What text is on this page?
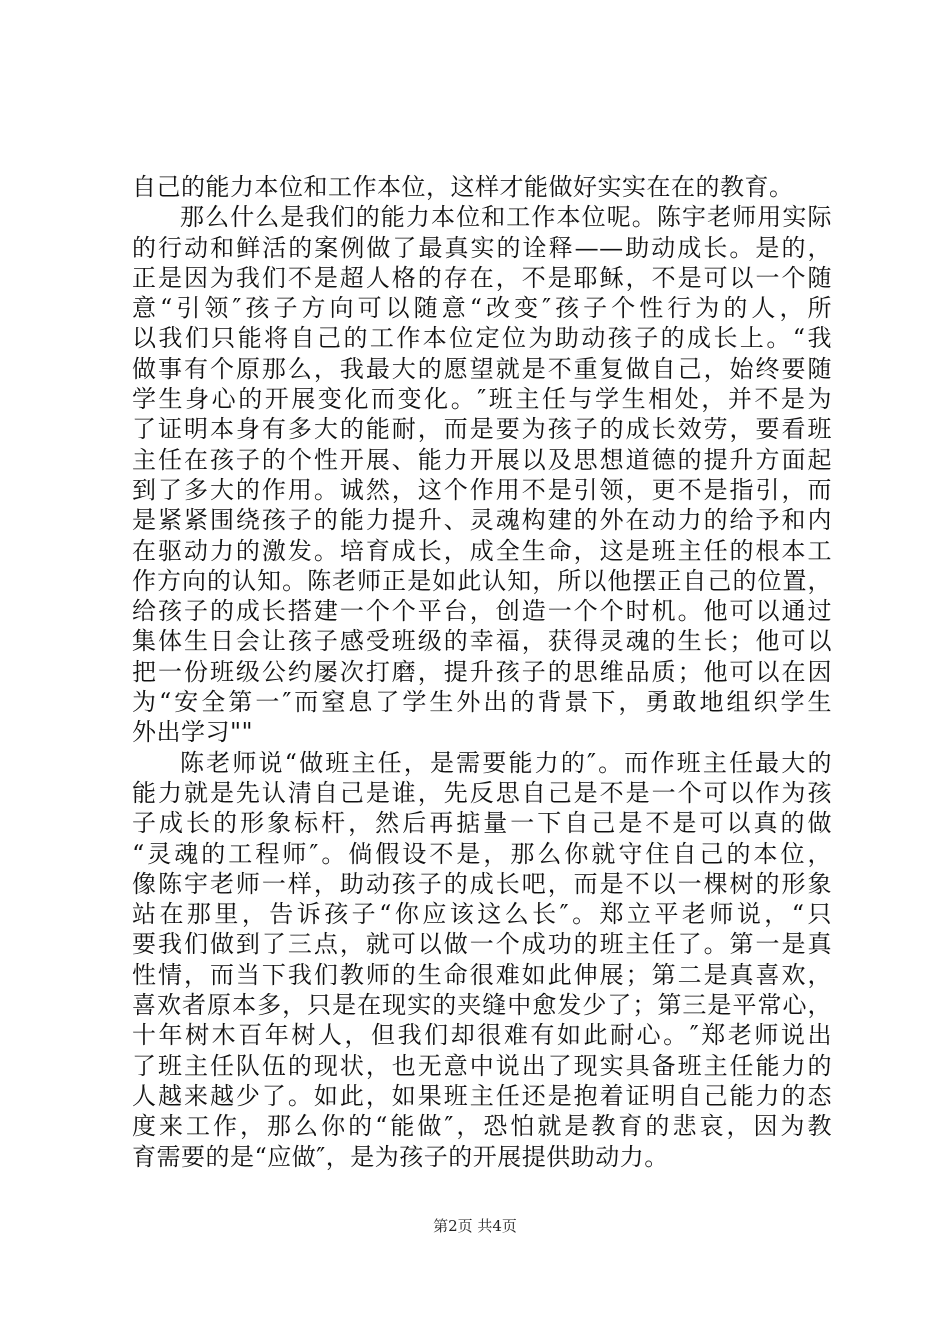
自己的能力本位和工作本位，这样才能做好实实在在的教育。
那么什么是我们的能力本位和工作本位呢。陈宇老师用实际
的行动和鲜活的案例做了最真实的诠释——助动成长。是的，
正是因为我们不是超人格的存在，不是耶稣，不是可以一个随
意“引领″孩子方向可以随意“改变″孩子个性行为的人，所
以我们只能将自己的工作本位定位为助动孩子的成长上。“我
做事有个原那么，我最大的愿望就是不重复做自己，始终要随
学生身心的开展变化而变化。″班主任与学生相处，并不是为
了证明本身有多大的能耐，而是要为孩子的成长效劳，要看班
主任在孩子的个性开展、能力开展以及思想道德的提升方面起
到了多大的作用。诚然，这个作用不是引领，更不是指引，而
是紧紧围绕孩子的能力提升、灵魂构建的外在动力的给予和内
在驱动力的激发。培育成长，成全生命，这是班主任的根本工
作方向的认知。陈老师正是如此认知，所以他摆正自己的位置，
给孩子的成长搭建一个个平台，创造一个个时机。他可以通过
集体生日会让孩子感受班级的幸福，获得灵魂的生长；他可以
把一份班级公约屡次打磨，提升孩子的思维品质；他可以在因
为“安全第一″而窒息了学生外出的背景下，勇敢地组织学生
外出学习""
陈老师说“做班主任，是需要能力的″。而作班主任最大的
能力就是先认清自己是谁，先反思自己是不是一个可以作为孩
子成长的形象标杆，然后再掂量一下自己是不是可以真的做
“灵魂的工程师″。倘假设不是，那么你就守住自己的本位，
像陈宇老师一样，助动孩子的成长吧，而是不以一棵树的形象
站在那里，告诉孩子“你应该这么长″。郑立平老师说，“只
要我们做到了三点，就可以做一个成功的班主任了。第一是真
性情，而当下我们教师的生命很难如此伸展；第二是真喜欢，
喜欢者原本多，只是在现实的夹缝中愈发少了；第三是平常心，
十年树木百年树人，但我们却很难有如此耐心。″郑老师说出
了班主任队伍的现状，也无意中说出了现实具备班主任能力的
人越来越少了。如此，如果班主任还是抱着证明自己能力的态
度来工作，那么你的“能做″，恐怕就是教育的悲哀，因为教
育需要的是“应做″，是为孩子的开展提供助动力。
第2页 共4页
